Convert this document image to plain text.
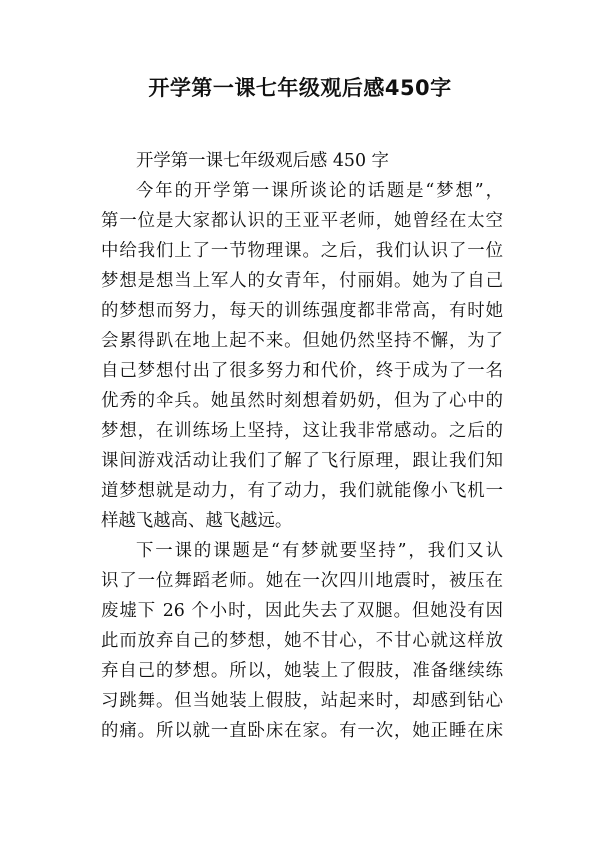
开学第一课七年级观后感450字
开学第一课七年级观后感 450 字
今年的开学第一课所谈论的话题是“梦想”，
第一位是大家都认识的王亚平老师，她曾经在太空
中给我们上了一节物理课。之后，我们认识了一位
梦想是想当上军人的女青年，付丽娟。她为了自己
的梦想而努力，每天的训练强度都非常高，有时她
会累得趴在地上起不来。但她仍然坚持不懈，为了
自己梦想付出了很多努力和代价，终于成为了一名
优秀的伞兵。她虽然时刻想着奶奶，但为了心中的
梦想，在训练场上坚持，这让我非常感动。之后的
课间游戏活动让我们了解了飞行原理，跟让我们知
道梦想就是动力，有了动力，我们就能像小飞机一
样越飞越高、越飞越远。
下一课的课题是“有梦就要坚持”，我们又认
识了一位舞蹈老师。她在一次四川地震时，被压在
废墟下 26 个小时，因此失去了双腿。但她没有因
此而放弃自己的梦想，她不甘心，不甘心就这样放
弃自己的梦想。所以，她装上了假肢，准备继续练
习跳舞。但当她装上假肢，站起来时，却感到钻心
的痛。所以就一直卧床在家。有一次，她正睡在床
